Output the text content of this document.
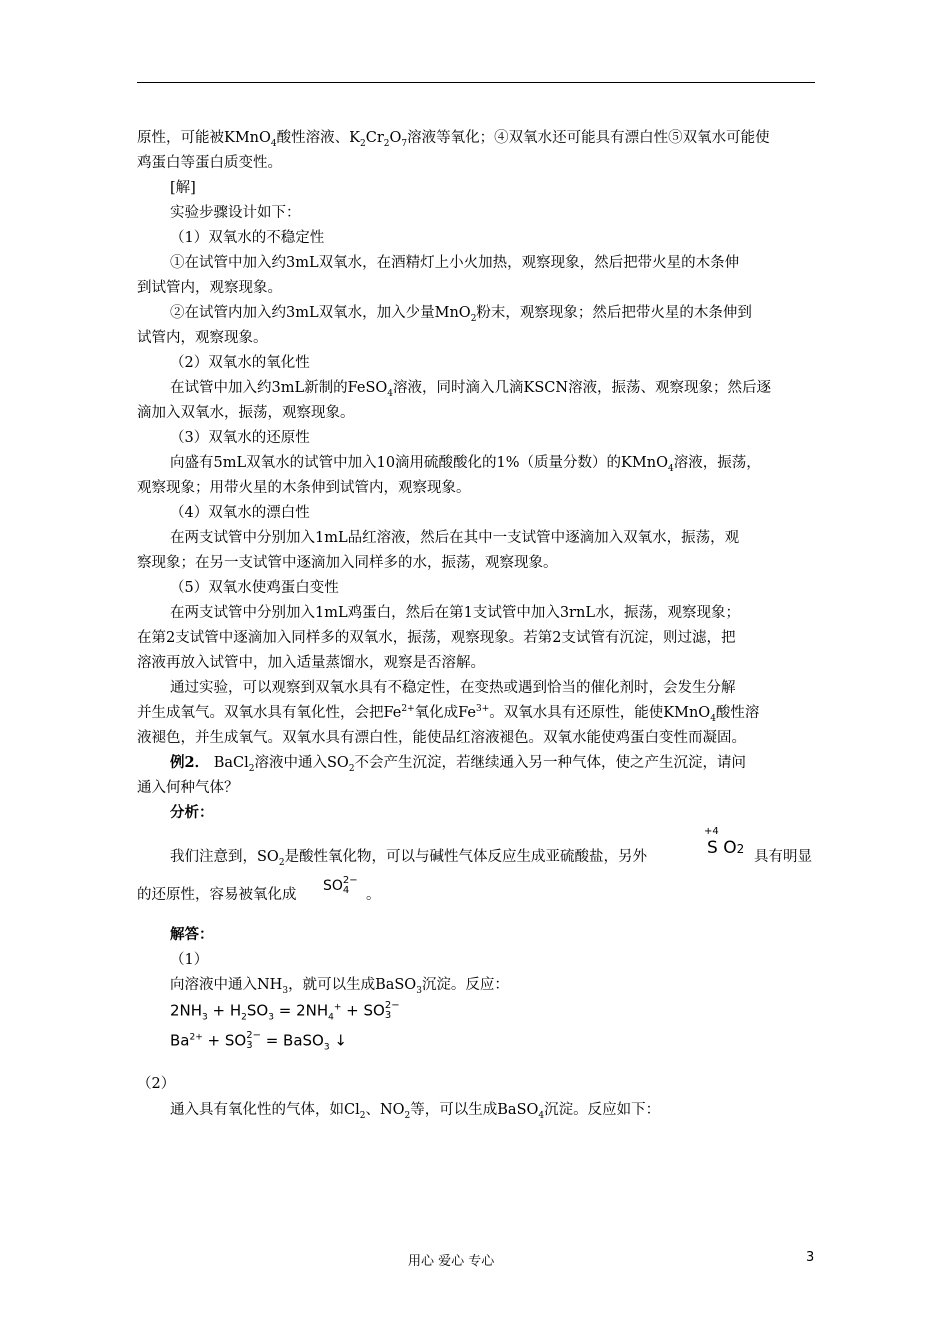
原性，可能被KMnO$_4$酸性溶液、$K_2Cr_2O_7$溶液等氧化；④双氧水还可能具有漂白性⑤双氧水可能使
鸡蛋白等蛋白质变性。
[解]
实验步骤设计如下：
（1）双氧水的不稳定性
①在试管中加入约3mL双氧水，在酒精灯上小火加热，观察现象，然后把带火星的木条伸
到试管内，观察现象。
②在试管内加入约3mL双氧水，加入少量MnO$_2$粉末，观察现象；然后把带火星的木条伸到
试管内，观察现象。
（2）双氧水的氧化性
在试管中加入约3mL新制的FeSO$_4$溶液，同时滴入几滴KSCN溶液，振荡、观察现象；然后逐
滴加入双氧水，振荡，观察现象。
（3）双氧水的还原性
向盛有5mL双氧水的试管中加入10滴用硫酸酸化的1%（质量分数）的KMnO$_4$溶液，振荡，
观察现象；用带火星的木条伸到试管内，观察现象。
（4）双氧水的漂白性
在两支试管中分别加入1mL品红溶液，然后在其中一支试管中逐滴加入双氧水，振荡，观
察现象；在另一支试管中逐滴加入同样多的水，振荡，观察现象。
（5）双氧水使鸡蛋白变性
在两支试管中分别加入1mL鸡蛋白，然后在第1支试管中加入3rnL水，振荡，观察现象；
在第2支试管中逐滴加入同样多的双氧水，振荡，观察现象。若第2支试管有沉淀，则过滤，把
溶液再放入试管中，加入适量蒸馏水，观察是否溶解。
通过实验，可以观察到双氧水具有不稳定性，在变热或遇到恰当的催化剂时，会发生分解
并生成氧气。双氧水具有氧化性，会把$Fe^{2+}$氧化成$Fe^{3+}$。双氧水具有还原性，能使KMnO$_4$酸性溶
液褪色，并生成氧气。双氧水具有漂白性，能使品红溶液褪色。双氧水能使鸡蛋白变性而凝固。
例2． BaCl$_2$溶液中通入$SO_2$不会产生沉淀，若继续通入另一种气体，使之产生沉淀，请问
通入何种气体？
分析：
我们注意到，$SO_2$是酸性氧化物，可以与碱性气体反应生成亚硫酸盐，另外
+4
S O2 具有明显
的还原性，容易被氧化成
SO 2−
4	。
解答：
（1）
向溶液中通入$NH_3$，就可以生成BaSO$_3$沉淀。反应：
$2NH_3 + H_2SO_3 = 2NH_4^+$ + SO 2−
3
$Ba^{2+}$ + SO 2−
3 = BaSO$_3$ ↓
（2）
通入具有氧化性的气体，如$Cl_2$、$NO_2$等，可以生成BaSO$_4$沉淀。反应如下：
用心 爱心 专心	3
